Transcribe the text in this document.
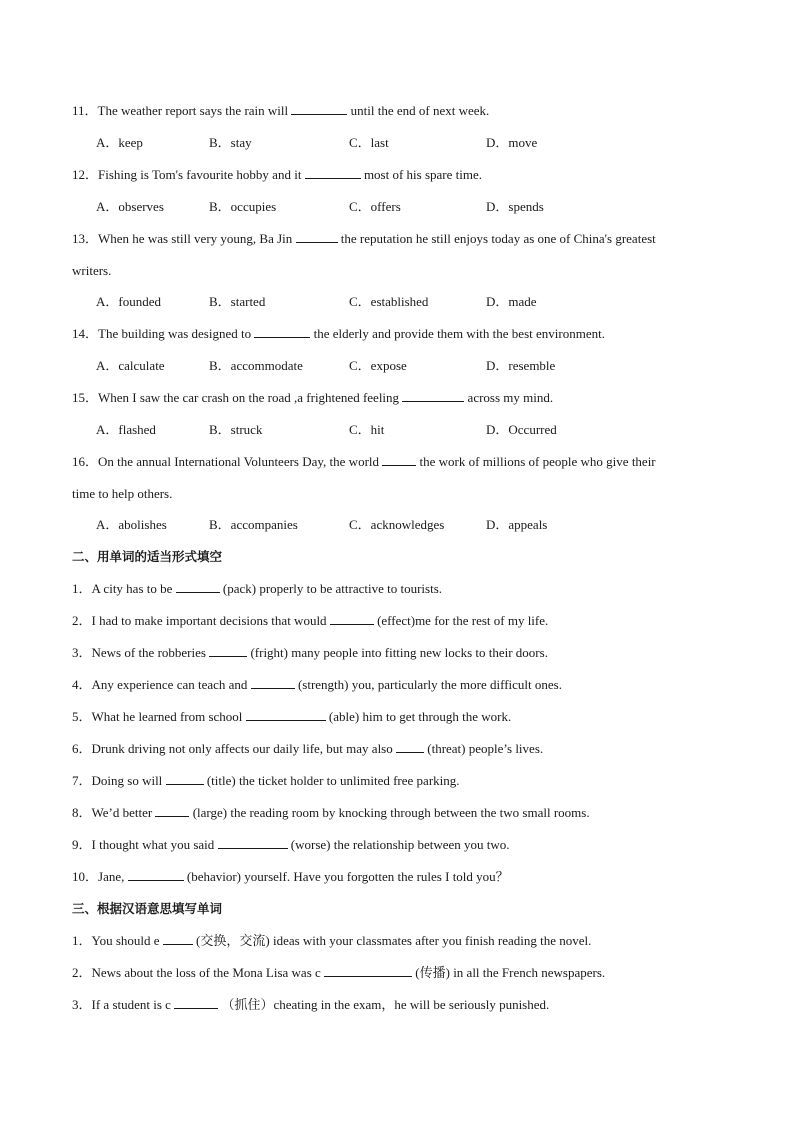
11．The weather report says the rain will	until the end of next week.
A．keep	B．stay	C．last	D．move
12．Fishing is Tom's favourite hobby and it	most of his spare time.
A．observes	B．occupies	C．offers	D．spends
13．When he was still very young, Ba Jin	the reputation he still enjoys today as one of China's greatest
writers.
A．founded	B．started	C．established	D．made
14．The building was designed to	the elderly and provide them with the best environment.
A．calculate	B．accommodate	C．expose	D．resemble
15．When I saw the car crash on the road ,a frightened feeling	across my mind.
A．flashed	B．struck	C．hit	D．Occurred
16．On the annual International Volunteers Day, the world	the work of millions of people who give their
time to help others.
A．abolishes	B．accompanies	C．acknowledges	D．appeals
二、用单词的适当形式填空
1．A city has to be	(pack) properly to be attractive to tourists.
2．I had to make important decisions that would	(effect)me for the rest of my life.
3．News of the robberies	(fright) many people into fitting new locks to their doors.
4．Any experience can teach and	(strength) you, particularly the more difficult ones.
5．What he learned from school	(able) him to get through the work.
6．Drunk driving not only affects our daily life, but may also	(threat) people’s lives.
7．Doing so will	(title) the ticket holder to unlimited free parking.
8．We’d better	(large) the reading room by knocking through between the two small rooms.
9．I thought what you said	(worse) the relationship between you two.
10．Jane,	(behavior) yourself. Have you forgotten the rules I told you？
三、根据汉语意思填写单词
1．You should e	(交换，交流) ideas with your classmates after you finish reading the novel.
2．News about the loss of the Mona Lisa was c	(传播) in all the French newspapers.
3．If a student is c	（抓住）cheating in the exam，he will be seriously punished.
